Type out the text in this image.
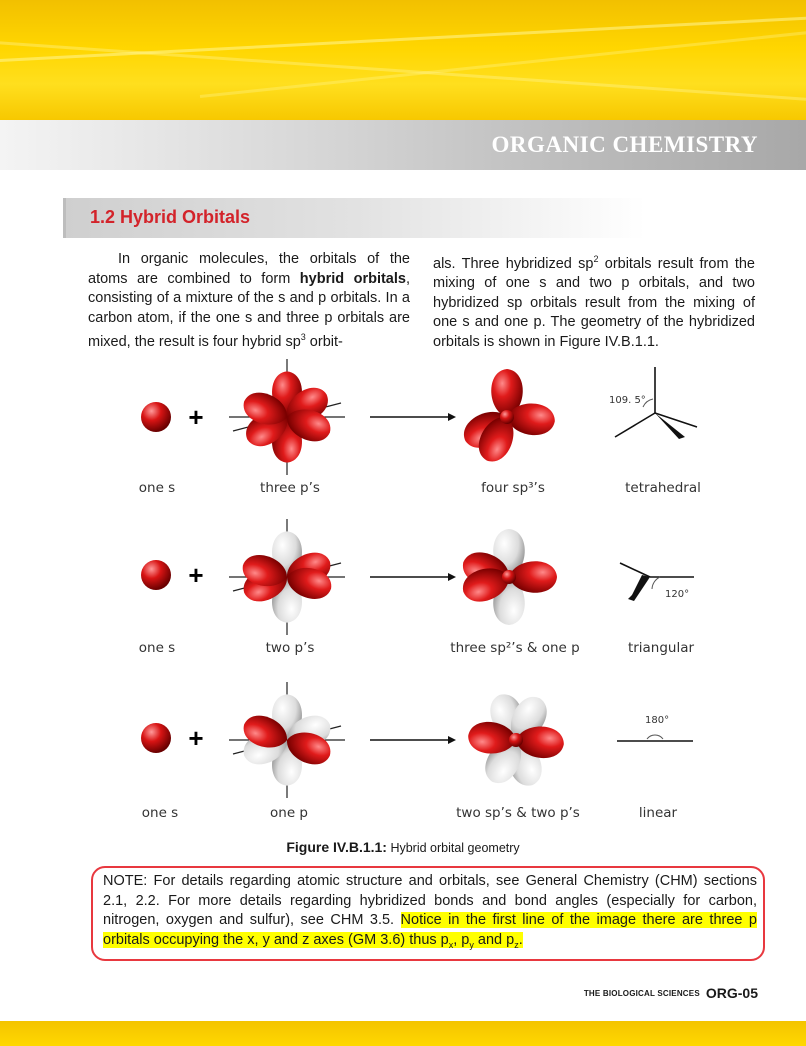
ORGANIC CHEMISTRY
1.2 Hybrid Orbitals
In organic molecules, the orbitals of the atoms are combined to form hybrid orbitals, consisting of a mixture of the s and p orbitals. In a carbon atom, if the one s and three p orbitals are mixed, the result is four hybrid $sp^3$ orbit-
als. Three hybridized $sp^2$ orbitals result from the mixing of one s and two p orbitals, and two hybridized sp orbitals result from the mixing of one s and one p. The geometry of the hybridized orbitals is shown in Figure IV.B.1.1.
+
109. 5°
one s	three p’s	four sp³’s	tetrahedral
+
120°
one s	two p’s	three sp²’s & one p	triangular
+
180°
one s	one p	two sp’s & two p’s	linear
Figure IV.B.1.1: Hybrid orbital geometry
NOTE: For details regarding atomic structure and orbitals, see General Chemistry (CHM) sections 2.1, 2.2. For more details regarding hybridized bonds and bond angles (especially for carbon, nitrogen, oxygen and sulfur), see CHM 3.5. Notice in the first line of the image there are three p orbitals occupying the x, y and z axes (GM 3.6) thus $p_x$, $p_y$ and $p_z$.
THE BIOLOGICAL SCIENCES ORG-05
